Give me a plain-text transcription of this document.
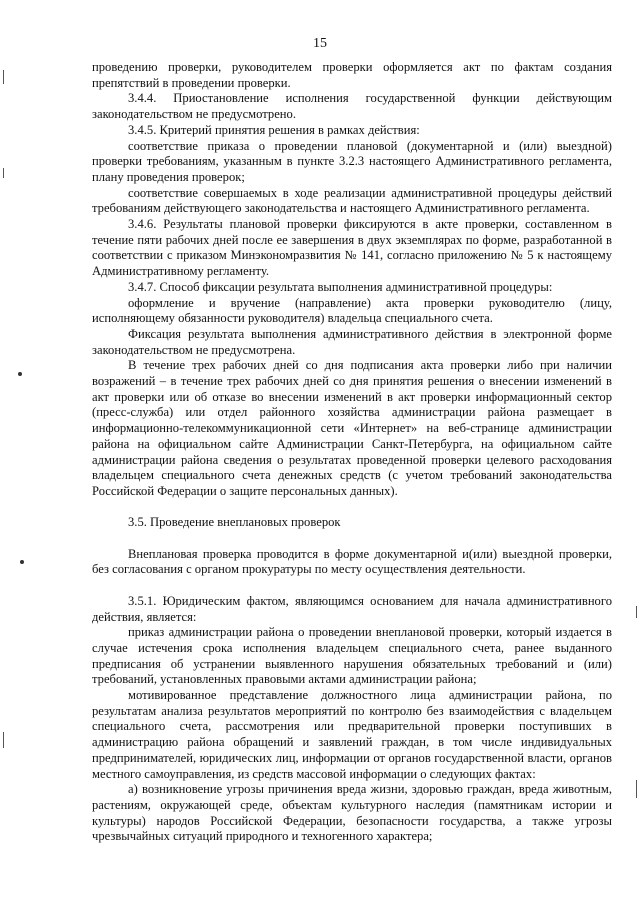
15

проведению проверки, руководителем проверки оформляется акт по фактам создания препятствий в проведении проверки.

3.4.4. Приостановление исполнения государственной функции действующим законодательством не предусмотрено.

3.4.5. Критерий принятия решения в рамках действия:

соответствие приказа о проведении плановой (документарной и (или) выездной) проверки требованиям, указанным в пункте 3.2.3 настоящего Административного регламента, плану проведения проверок;

соответствие совершаемых в ходе реализации административной процедуры действий требованиям действующего законодательства и настоящего Административного регламента.

3.4.6. Результаты плановой проверки фиксируются в акте проверки, составленном в течение пяти рабочих дней после ее завершения в двух экземплярах по форме, разработанной в соответствии с приказом Минэкономразвития № 141, согласно приложению № 5 к настоящему Административному регламенту.

3.4.7. Способ фиксации результата выполнения административной процедуры:

оформление и вручение (направление) акта проверки руководителю (лицу, исполняющему обязанности руководителя) владельца специального счета.

Фиксация результата выполнения административного действия в электронной форме законодательством не предусмотрена.

В течение трех рабочих дней со дня подписания акта проверки либо при наличии возражений – в течение трех рабочих дней со дня принятия решения о внесении изменений в акт проверки или об отказе во внесении изменений в акт проверки информационный сектор (пресс-служба) или отдел районного хозяйства администрации района размещает в информационно-телекоммуникационной сети «Интернет» на веб-странице администрации района на официальном сайте Администрации Санкт-Петербурга, на официальном сайте администрации района сведения о результатах проведенной проверки целевого расходования владельцем специального счета денежных средств (с учетом требований законодательства Российской Федерации о защите персональных данных).

3.5. Проведение внеплановых проверок

Внеплановая проверка проводится в форме документарной и(или) выездной проверки, без согласования с органом прокуратуры по месту осуществления деятельности.

3.5.1. Юридическим фактом, являющимся основанием для начала административного действия, является:

приказ администрации района о проведении внеплановой проверки, который издается в случае истечения срока исполнения владельцем специального счета, ранее выданного предписания об устранении выявленного нарушения обязательных требований и (или) требований, установленных правовыми актами администрации района;

мотивированное представление должностного лица администрации района, по результатам анализа результатов мероприятий по контролю без взаимодействия с владельцем специального счета, рассмотрения или предварительной проверки поступивших в администрацию района обращений и заявлений граждан, в том числе индивидуальных предпринимателей, юридических лиц, информации от органов государственной власти, органов местного самоуправления, из средств массовой информации о следующих фактах:

а) возникновение угрозы причинения вреда жизни, здоровью граждан, вреда животным, растениям, окружающей среде, объектам культурного наследия (памятникам истории и культуры) народов Российской Федерации, безопасности государства, а также угрозы чрезвычайных ситуаций природного и техногенного характера;
